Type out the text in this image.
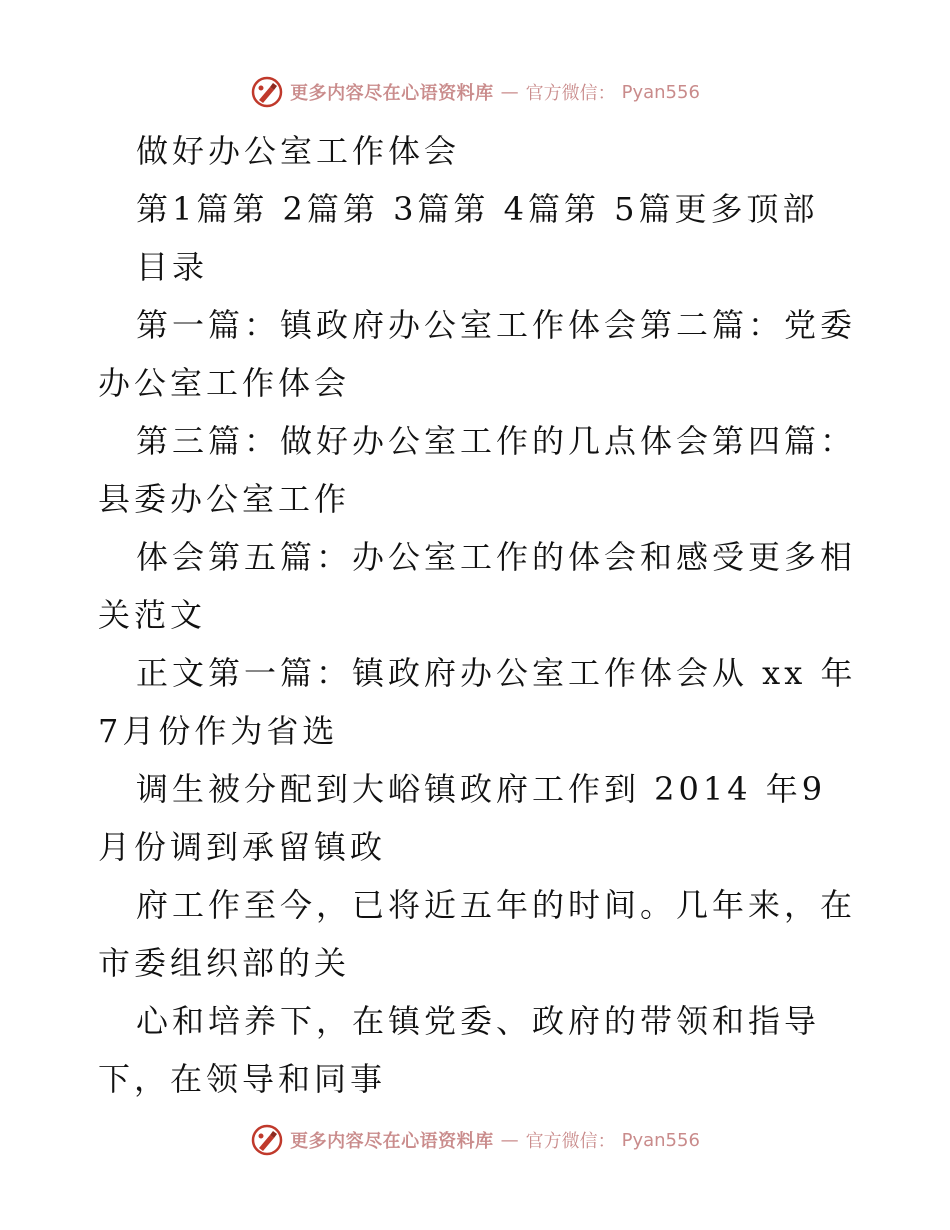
更多内容尽在心语资料库 — 官方微信： Pyan556

做好办公室工作体会

第1篇第 2篇第 3篇第 4篇第 5篇更多顶部

目录

第一篇：镇政府办公室工作体会第二篇：党委办公室工作体会

第三篇：做好办公室工作的几点体会第四篇：县委办公室工作

体会第五篇：办公室工作的体会和感受更多相关范文

正文第一篇：镇政府办公室工作体会从 xx 年7月份作为省选

调生被分配到大峪镇政府工作到 2014 年9月份调到承留镇政

府工作至今，已将近五年的时间。几年来，在市委组织部的关

心和培养下，在镇党委、政府的带领和指导下，在领导和同事

更多内容尽在心语资料库 — 官方微信： Pyan556
